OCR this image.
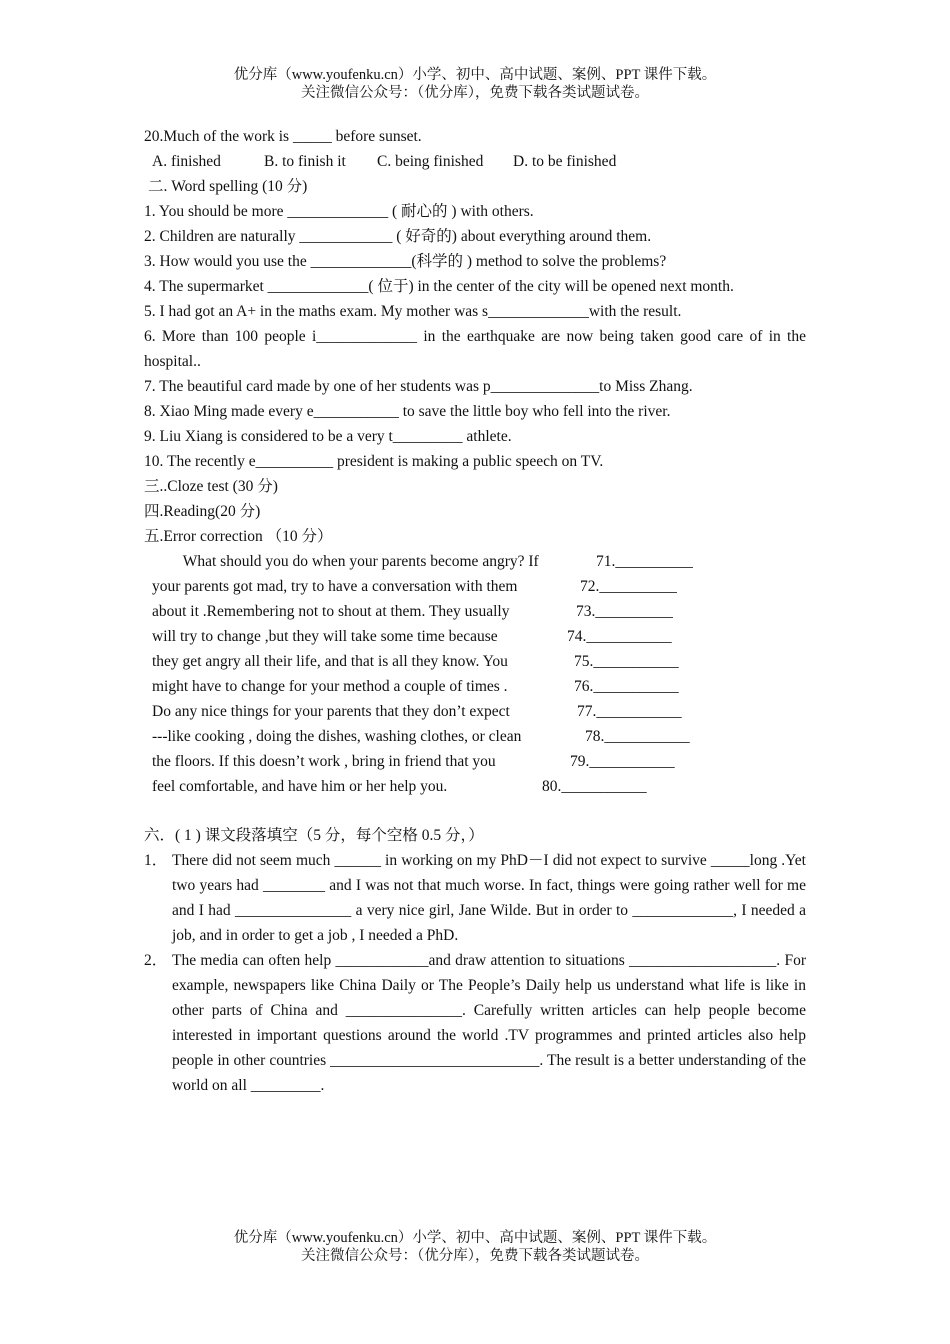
优分库（www.youfenku.cn）小学、初中、高中试题、案例、PPT 课件下载。
关注微信公众号：（优分库），免费下载各类试题试卷。
20.Much of the work is _____ before sunset.
A. finished	B. to finish it C. being finished D. to be finished
二. Word spelling (10 分)
1. You should be more _____________ ( 耐心的 ) with others.
2. Children are naturally ____________ ( 好奇的) about everything around them.
3. How would you use the _____________(科学的 ) method to solve the problems?
4. The supermarket _____________( 位于) in the center of the city will be opened next month.
5. I had got an A+ in the maths exam. My mother was s_____________with the result.
6. More than 100 people i_____________ in the earthquake are now being taken good care of in the hospital..
7. The beautiful card made by one of her students was p______________to Miss Zhang.
8. Xiao Ming made every e___________ to save the little boy who fell into the river.
9. Liu Xiang is considered to be a very t_________ athlete.
10. The recently e__________ president is making a public speech on TV.
三..Cloze test (30 分)
四.Reading(20 分)
五.Error correction （10 分）
What should you do when your parents become angry? If	71.__________
your parents got mad, try to have a conversation with them	72.__________
about it .Remembering not to shout at them. They usually	73.__________
will try to change ,but they will take some time because	74.___________
they get angry all their life, and that is all they know. You	75.___________
might have to change for your method a couple of times .	76.___________
Do any nice things for your parents that they don’t expect	77.___________
---like cooking , doing the dishes, washing clothes, or clean	78.___________
the floors. If this doesn’t work , bring in friend that you	79.___________
feel comfortable, and have him or her help you.	80.___________
六．( 1 ) 课文段落填空（5 分，每个空格 0.5 分，）
1． There did not seem much ______ in working on my PhD－I did not expect to survive _____long .Yet two years had ________ and I was not that much worse. In fact, things were going rather well for me and I had _______________ a very nice girl, Jane Wilde. But in order to _____________, I needed a job, and in order to get a job , I needed a PhD.
2． The media can often help ____________and draw attention to situations ___________________. For example, newspapers like China Daily or The People’s Daily help us understand what life is like in other parts of China and _______________. Carefully written articles can help people become interested in important questions around the world .TV programmes and printed articles also help people in other countries ___________________________. The result is a better understanding of the world on all _________.
优分库（www.youfenku.cn）小学、初中、高中试题、案例、PPT 课件下载。
关注微信公众号：（优分库），免费下载各类试题试卷。
